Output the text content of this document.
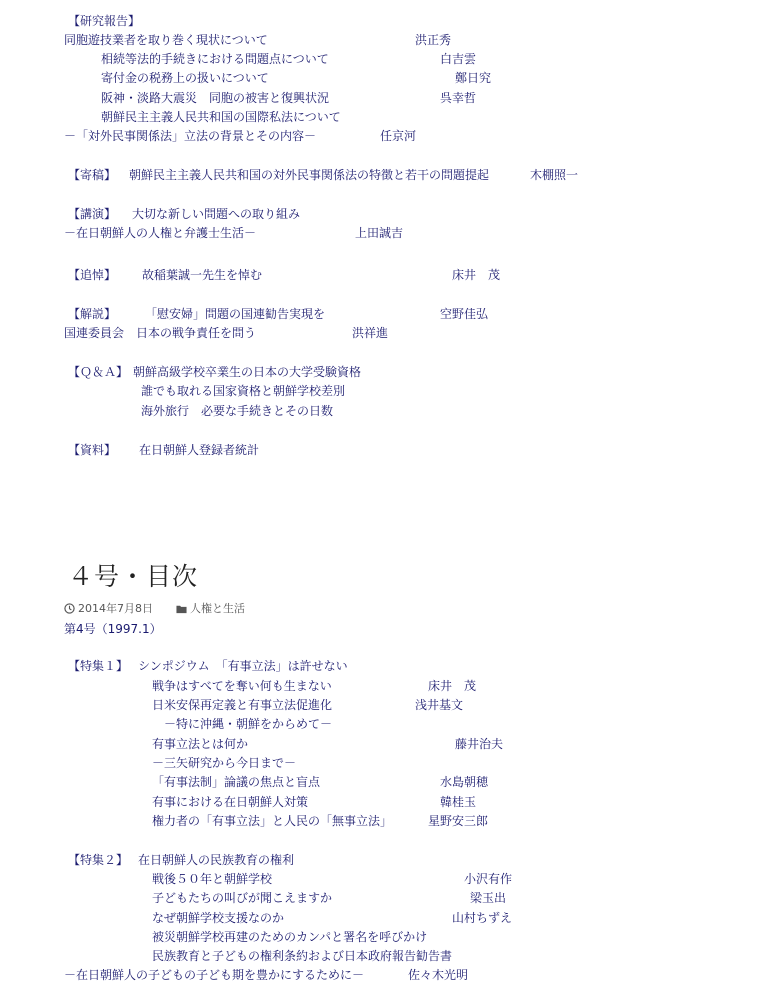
【研究報告】
同胞遊技業者を取り巻く現状について	洪正秀
相続等法的手続きにおける問題点について	白吉雲
寄付金の税務上の扱いについて	鄭日究
阪神・淡路大震災　同胞の被害と復興状況	呉幸哲
朝鮮民主主義人民共和国の国際私法について
－「対外民事関係法」立法の背景とその内容－	任京河
【寄稿】 朝鮮民主主義人民共和国の対外民事関係法の特徴と若干の問題提起	木棚照一
【講演】 大切な新しい問題への取り組み
－在日朝鮮人の人権と弁護士生活－	上田誠吉
【追悼】 故稲葉誠一先生を悼む	床井　茂
【解説】 「慰安婦」問題の国連勧告実現を	空野佳弘
国連委員会　日本の戦争責任を問う	洪祥進
【Ｑ＆Ａ】 朝鮮高級学校卒業生の日本の大学受験資格
誰でも取れる国家資格と朝鮮学校差別
海外旅行　必要な手続きとその日数
【資料】 在日朝鮮人登録者統計
４号・目次
2014年7月8日	人権と生活
第4号（1997.1）
【特集１】 シンポジウム　「有事立法」は許せない
戦争はすべてを奪い何も生まない	床井　茂
日米安保再定義と有事立法促進化	浅井基文
－特に沖縄・朝鮮をからめて－
有事立法とは何か	藤井治夫
－三矢研究から今日まで－
「有事法制」論議の焦点と盲点	水島朝穂
有事における在日朝鮮人対策	韓桂玉
権力者の「有事立法」と人民の「無事立法」	星野安三郎
【特集２】 在日朝鮮人の民族教育の権利
戦後５０年と朝鮮学校	小沢有作
子どもたちの叫びが聞こえますか	梁玉出
なぜ朝鮮学校支援なのか	山村ちずえ
被災朝鮮学校再建のためのカンパと署名を呼びかけ
民族教育と子どもの権利条約および日本政府報告勧告書
－在日朝鮮人の子どもの子ども期を豊かにするために－	佐々木光明
